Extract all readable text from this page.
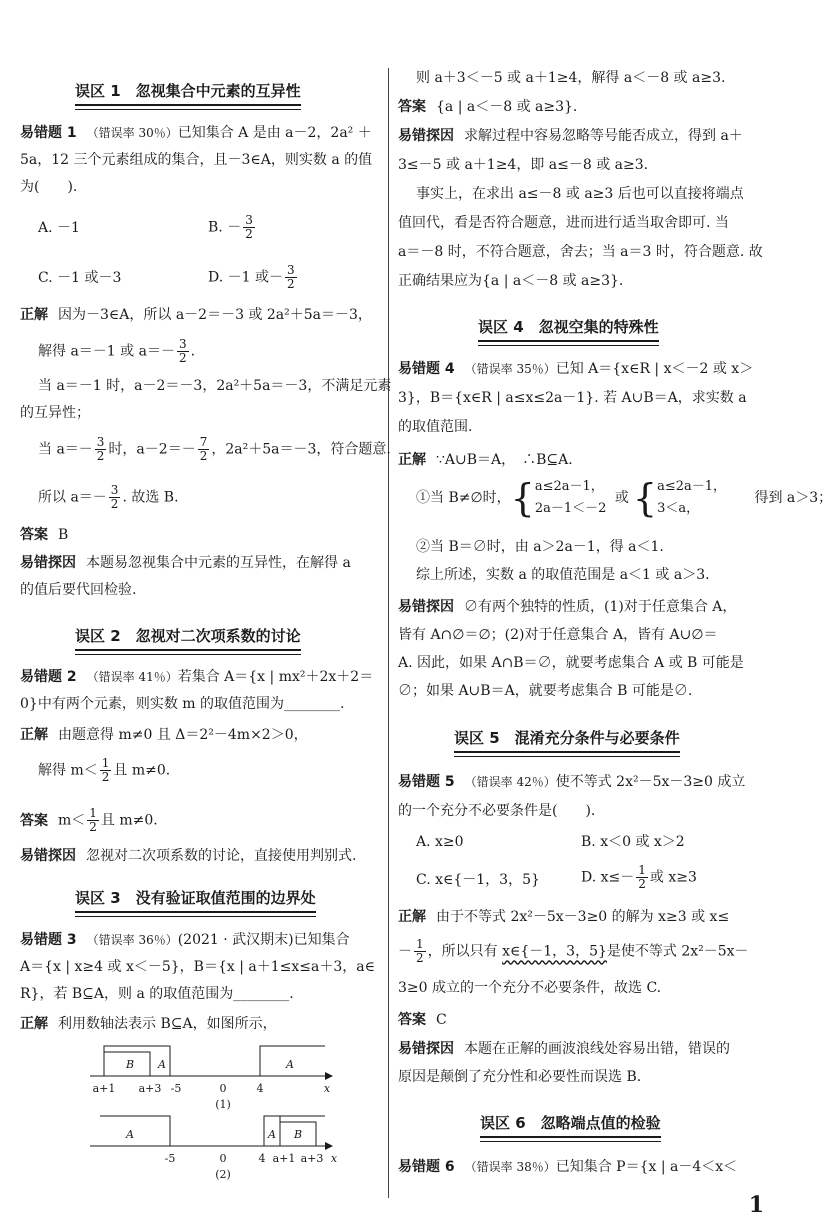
误区 1　忽视集合中元素的互异性
易错题 1 （错误率 30％）已知集合 A 是由 a－2，2a² ＋
5a，12 三个元素组成的集合，且－3∈A，则实数 a 的值
为(　　).
A. －1	B. － $\frac{3}{2}$
C. －1 或－3	D. －1 或－ $\frac{3}{2}$
正解 因为－3∈A，所以 a－2＝－3 或 2a²＋5a＝－3，
解得 a＝－1 或 $a=- \frac{3}{2}$ .
当 a＝－1 时，a－2＝－3，2a²＋5a＝－3，不满足元素
的互异性；
当 $a=- \frac{3}{2}$ 时，$a-2=- \frac{7}{2}$ ，2a²＋5a＝－3，符合题意.
所以 $a=- \frac{3}{2}$ . 故选 B.
答案 B
易错探因 本题易忽视集合中元素的互异性，在解得 a
的值后要代回检验.
误区 2　忽视对二次项系数的讨论
易错题 2 （错误率 41％）若集合 A＝{x | mx²＋2x＋2＝
0}中有两个元素，则实数 m 的取值范围为________.
正解 由题意得 m≠0 且 Δ＝2²－4m×2＞0，
解得 $m< \frac{1}{2}$ 且 m≠0.
答案 $m< \frac{1}{2}$ 且 m≠0.
易错探因 忽视对二次项系数的讨论，直接使用判别式.
误区 3　没有验证取值范围的边界处
易错题 3 （错误率 36％）(2021 · 武汉期末)已知集合
A＝{x | x≥4 或 x＜－5}，B＝{x | a＋1≤x≤a＋3，a∈
R}，若 B⊆A，则 a 的取值范围为________.
正解 利用数轴法表示 B⊆A，如图所示，
B A	A
a+1 a+3 -5	0	4	x
(1)
A	A B
-5	0	4 a+1 a+3 x
(2)
则 a＋3＜－5 或 a＋1≥4，解得 a＜－8 或 a≥3.
答案 {a | a＜－8 或 a≥3}.
易错探因 求解过程中容易忽略等号能否成立，得到 a＋
3≤－5 或 a＋1≥4，即 a≤－8 或 a≥3.
事实上，在求出 a≤－8 或 a≥3 后也可以直接将端点
值回代，看是否符合题意，进而进行适当取舍即可. 当
a＝－8 时，不符合题意，舍去；当 a＝3 时，符合题意. 故
正确结果应为{a | a＜－8 或 a≥3}.
误区 4　忽视空集的特殊性
易错题 4 （错误率 35％）已知 A＝{x∈R | x＜－2 或 x＞
3}，B＝{x∈R | a≤x≤2a－1}. 若 A∪B＝A，求实数 a
的取值范围.
正解 ∵A∪B＝A，　∴B⊆A.
①当 B≠∅时，{ a≤2a－1，
2a－1＜－2
或 { a≤2a－1，
3＜a，
得到 a＞3；
②当 B＝∅时，由 a＞2a－1，得 a＜1.
综上所述，实数 a 的取值范围是 a＜1 或 a＞3.
易错探因 ∅有两个独特的性质，(1)对于任意集合 A，
皆有 A∩∅＝∅；(2)对于任意集合 A，皆有 A∪∅＝
A. 因此，如果 A∩B＝∅，就要考虑集合 A 或 B 可能是
∅；如果 A∪B＝A，就要考虑集合 B 可能是∅.
误区 5　混淆充分条件与必要条件
易错题 5 （错误率 42％）使不等式 2x²－5x－3≥0 成立
的一个充分不必要条件是(　　).
A. x≥0	B. x＜0 或 x＞2
C. x∈{－1，3，5}	D. $x\le- \frac{1}{2}$ 或 x≥3
正解 由于不等式 2x²－5x－3≥0 的解为 x≥3 或 x≤
－ $\frac{1}{2}$ ，所以只有 x∈{－1，3，5}是使不等式 2x²－5x－
3≥0 成立的一个充分不必要条件，故选 C.
答案 C
易错探因 本题在正解的画波浪线处容易出错，错误的
原因是颠倒了充分性和必要性而误选 B.
误区 6　忽略端点值的检验
易错题 6 （错误率 38％）已知集合 P＝{x | a－4＜x＜
1
